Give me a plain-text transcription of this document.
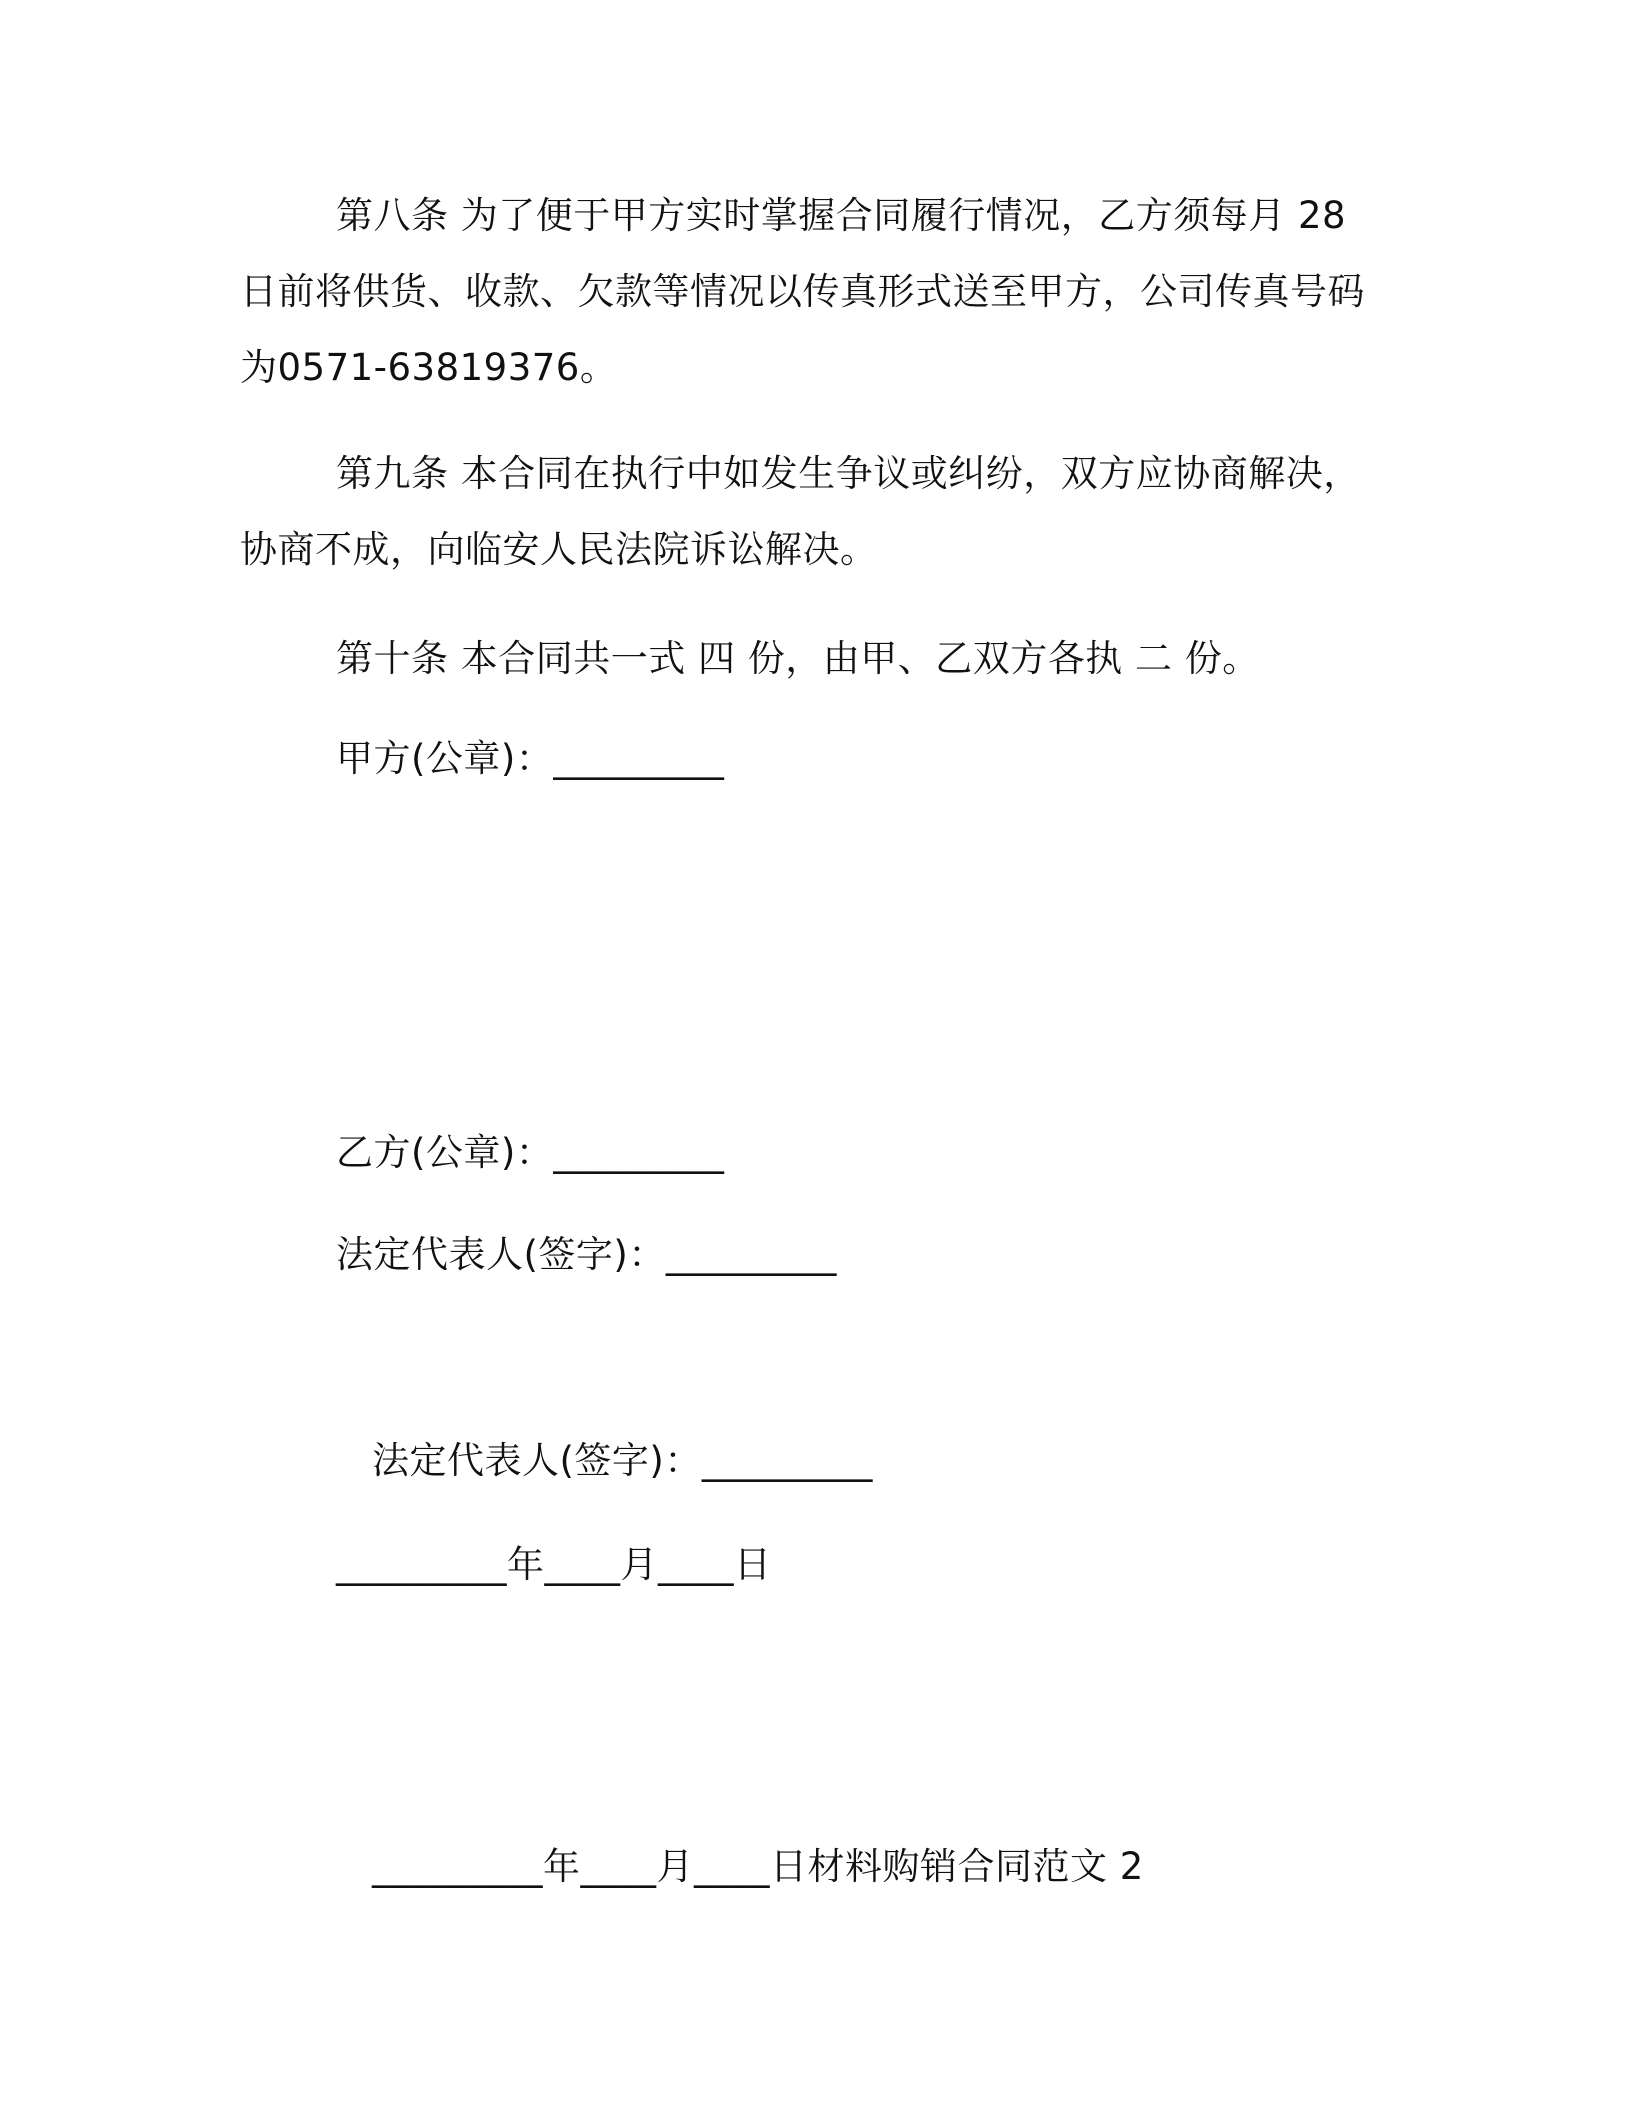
第八条 为了便于甲方实时掌握合同履行情况，乙方须每月 28 日前将供货、收款、欠款等情况以传真形式送至甲方，公司传真号码为0571-63819376。
第九条 本合同在执行中如发生争议或纠纷，双方应协商解决，协商不成，向临安人民法院诉讼解决。
第十条 本合同共一式 四 份，由甲、乙双方各执 二 份。
甲方(公章)：_________
乙方(公章)：_________
法定代表人(签字)：_________
法定代表人(签字)：_________
_________年____月____日
_________年____月____日材料购销合同范文 2
